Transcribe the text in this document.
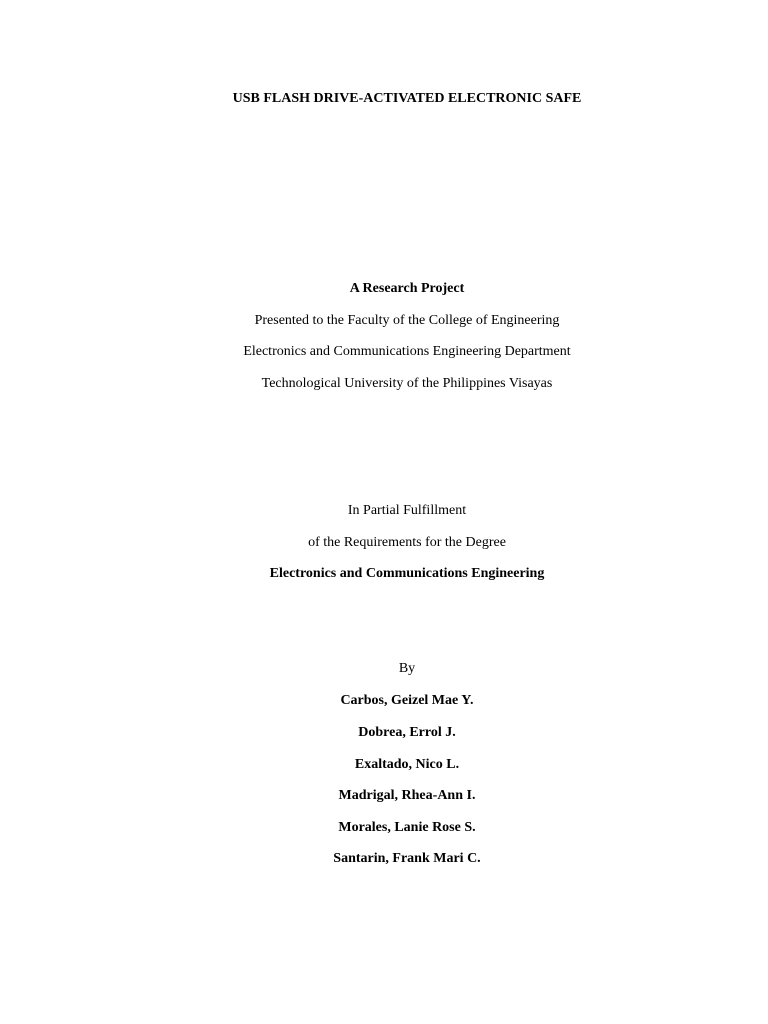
USB FLASH DRIVE-ACTIVATED ELECTRONIC SAFE

A Research Project

Presented to the Faculty of the College of Engineering

Electronics and Communications Engineering Department

Technological University of the Philippines Visayas

In Partial Fulfillment

of the Requirements for the Degree

Electronics and Communications Engineering

By

Carbos, Geizel Mae Y.

Dobrea, Errol J.

Exaltado, Nico L.

Madrigal, Rhea-Ann I.

Morales, Lanie Rose S.

Santarin, Frank Mari C.
